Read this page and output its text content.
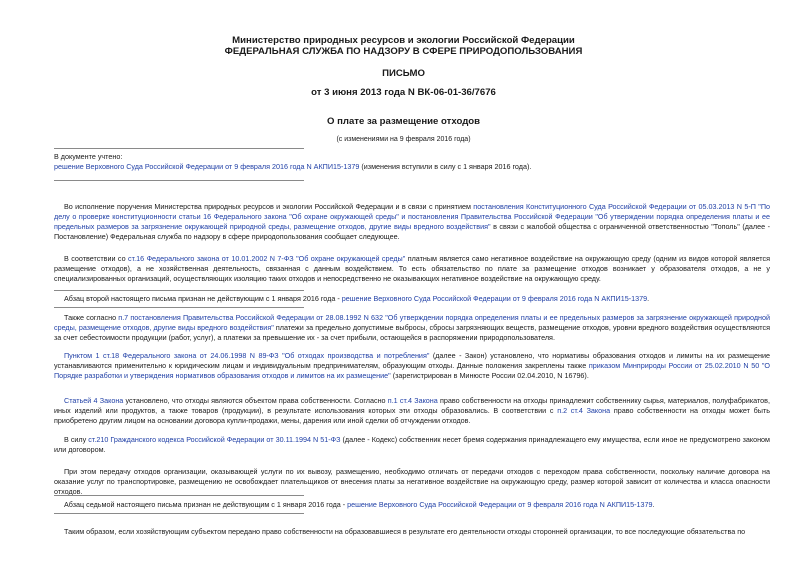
Министерство природных ресурсов и экологии Российской Федерации
ФЕДЕРАЛЬНАЯ СЛУЖБА ПО НАДЗОРУ В СФЕРЕ ПРИРОДОПОЛЬЗОВАНИЯ
ПИСЬМО
от 3 июня 2013 года N ВК-06-01-36/7676
О плате за размещение отходов
(с изменениями на 9 февраля 2016 года)
В документе учтено:
решение Верховного Суда Российской Федерации от 9 февраля 2016 года N АКПИ15-1379 (изменения вступили в силу с 1 января 2016 года).
Во исполнение поручения Министерства природных ресурсов и экологии Российской Федерации и в связи с принятием постановления Конституционного Суда Российской Федерации от 05.03.2013 N 5-П "По делу о проверке конституционности статьи 16 Федерального закона "Об охране окружающей среды" и постановления Правительства Российской Федерации "Об утверждении порядка определения платы и ее предельных размеров за загрязнение окружающей природной среды, размещение отходов, другие виды вредного воздействия" в связи с жалобой общества с ограниченной ответственностью "Тополь" (далее - Постановление) Федеральная служба по надзору в сфере природопользования сообщает следующее.
В соответствии со ст.16 Федерального закона от 10.01.2002 N 7-ФЗ "Об охране окружающей среды" платным является само негативное воздействие на окружающую среду (одним из видов которой является размещение отходов), а не хозяйственная деятельность, связанная с данным воздействием. То есть обязательство по плате за размещение отходов возникает у образователя отходов, а не у специализированных организаций, осуществляющих изоляцию таких отходов и непосредственно не оказывающих негативное воздействие на окружающую среду.
Абзац второй настоящего письма признан не действующим с 1 января 2016 года - решение Верховного Суда Российской Федерации от 9 февраля 2016 года N АКПИ15-1379.
Также согласно п.7 постановления Правительства Российской Федерации от 28.08.1992 N 632 "Об утверждении порядка определения платы и ее предельных размеров за загрязнение окружающей природной среды, размещение отходов, другие виды вредного воздействия" платежи за предельно допустимые выбросы, сбросы загрязняющих веществ, размещение отходов, уровни вредного воздействия осуществляются за счет себестоимости продукции (работ, услуг), а платежи за превышение их - за счет прибыли, остающейся в распоряжении природопользователя.
Пунктом 1 ст.18 Федерального закона от 24.06.1998 N 89-ФЗ "Об отходах производства и потребления" (далее - Закон) установлено, что нормативы образования отходов и лимиты на их размещение устанавливаются применительно к юридическим лицам и индивидуальным предпринимателям, образующим отходы. Данные положения закреплены также приказом Минприроды России от 25.02.2010 N 50 "О Порядке разработки и утверждения нормативов образования отходов и лимитов на их размещение" (зарегистрирован в Минюсте России 02.04.2010, N 16796).
Статьей 4 Закона установлено, что отходы являются объектом права собственности. Согласно п.1 ст.4 Закона право собственности на отходы принадлежит собственнику сырья, материалов, полуфабрикатов, иных изделий или продуктов, а также товаров (продукции), в результате использования которых эти отходы образовались. В соответствии с п.2 ст.4 Закона право собственности на отходы может быть приобретено другим лицом на основании договора купли-продажи, мены, дарения или иной сделки об отчуждении отходов.
В силу ст.210 Гражданского кодекса Российской Федерации от 30.11.1994 N 51-ФЗ (далее - Кодекс) собственник несет бремя содержания принадлежащего ему имущества, если иное не предусмотрено законом или договором.
При этом передачу отходов организации, оказывающей услуги по их вывозу, размещению, необходимо отличать от передачи отходов с переходом права собственности, поскольку наличие договора на оказание услуг по транспортировке, размещению не освобождает плательщиков от внесения платы за негативное воздействие на окружающую среду, размер которой зависит от количества и класса опасности отходов.
Абзац седьмой настоящего письма признан не действующим с 1 января 2016 года - решение Верховного Суда Российской Федерации от 9 февраля 2016 года N АКПИ15-1379.
Таким образом, если хозяйствующим субъектом передано право собственности на образовавшиеся в результате его деятельности отходы сторонней организации, то все последующие обязательства по
